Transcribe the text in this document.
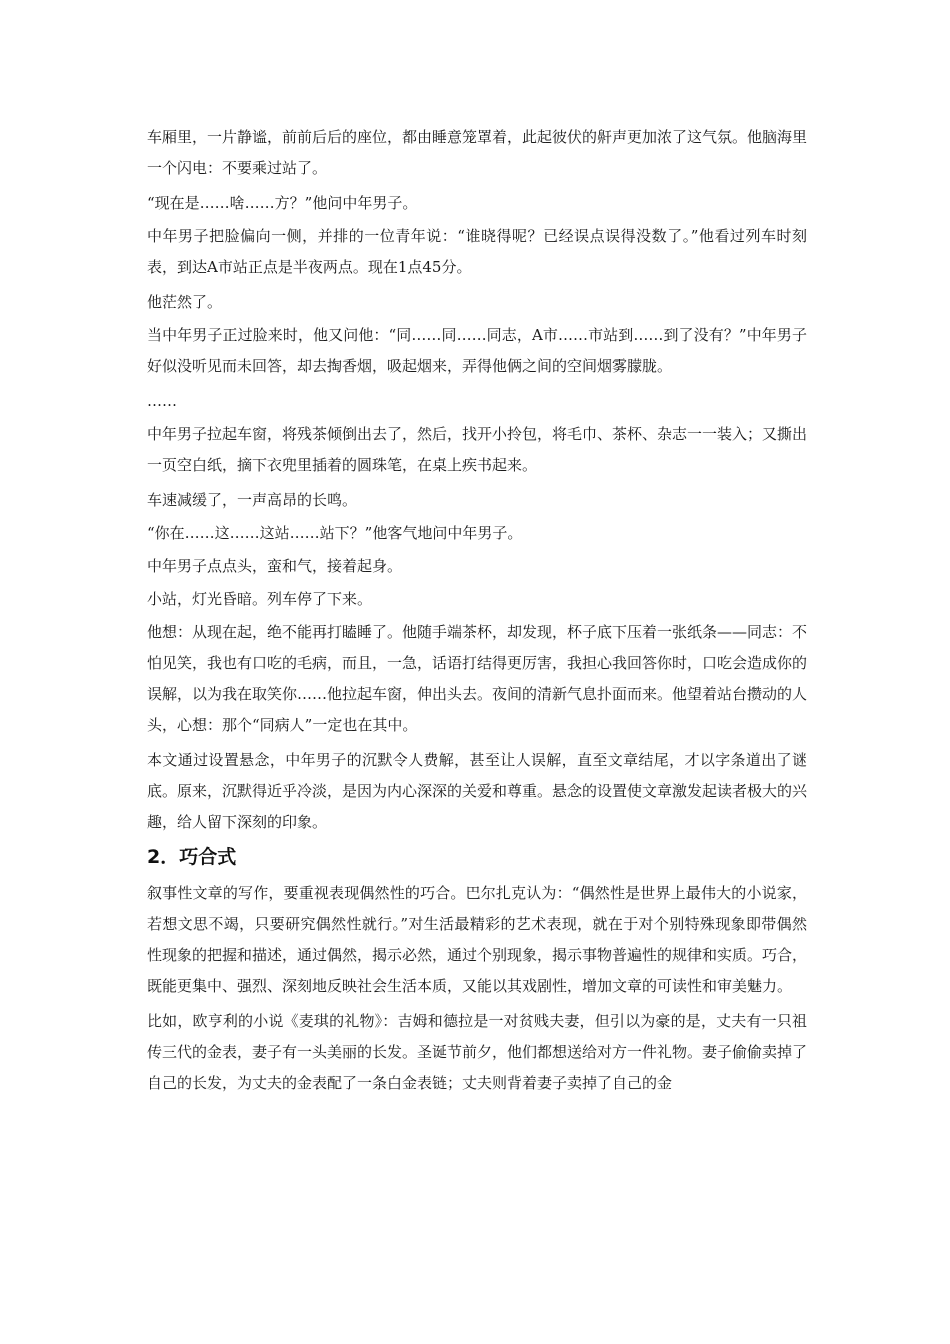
车厢里，一片静谧，前前后后的座位，都由睡意笼罩着，此起彼伏的鼾声更加浓了这气氛。他脑海里一个闪电：不要乘过站了。

“现在是……啥……方？”他问中年男子。

中年男子把脸偏向一侧，并排的一位青年说：“谁晓得呢？已经误点误得没数了。”他看过列车时刻表，到达A市站正点是半夜两点。现在1点45分。

他茫然了。

当中年男子正过脸来时，他又问他：“同……同……同志，A市……市站到……到了没有？”中年男子好似没听见而未回答，却去掏香烟，吸起烟来，弄得他俩之间的空间烟雾朦胧。

……

中年男子拉起车窗，将残茶倾倒出去了，然后，找开小拎包，将毛巾、茶杯、杂志一一装入；又撕出一页空白纸，摘下衣兜里插着的圆珠笔，在桌上疾书起来。

车速减缓了，一声高昂的长鸣。

“你在……这……这站……站下？”他客气地问中年男子。

中年男子点点头，蛮和气，接着起身。

小站，灯光昏暗。列车停了下来。

他想：从现在起，绝不能再打瞌睡了。他随手端茶杯，却发现，杯子底下压着一张纸条——同志：不怕见笑，我也有口吃的毛病，而且，一急，话语打结得更厉害，我担心我回答你时，口吃会造成你的误解，以为我在取笑你……他拉起车窗，伸出头去。夜间的清新气息扑面而来。他望着站台攒动的人头，心想：那个“同病人”一定也在其中。

本文通过设置悬念，中年男子的沉默令人费解，甚至让人误解，直至文章结尾，才以字条道出了谜底。原来，沉默得近乎冷淡，是因为内心深深的关爱和尊重。悬念的设置使文章激发起读者极大的兴趣，给人留下深刻的印象。

2．巧合式

叙事性文章的写作，要重视表现偶然性的巧合。巴尔扎克认为：“偶然性是世界上最伟大的小说家，若想文思不竭，只要研究偶然性就行。”对生活最精彩的艺术表现，就在于对个别特殊现象即带偶然性现象的把握和描述，通过偶然，揭示必然，通过个别现象，揭示事物普遍性的规律和实质。巧合，既能更集中、强烈、深刻地反映社会生活本质，又能以其戏剧性，增加文章的可读性和审美魅力。

比如，欧亨利的小说《麦琪的礼物》：吉姆和德拉是一对贫贱夫妻，但引以为豪的是，丈夫有一只祖传三代的金表，妻子有一头美丽的长发。圣诞节前夕，他们都想送给对方一件礼物。妻子偷偷卖掉了自己的长发，为丈夫的金表配了一条白金表链；丈夫则背着妻子卖掉了自己的金
